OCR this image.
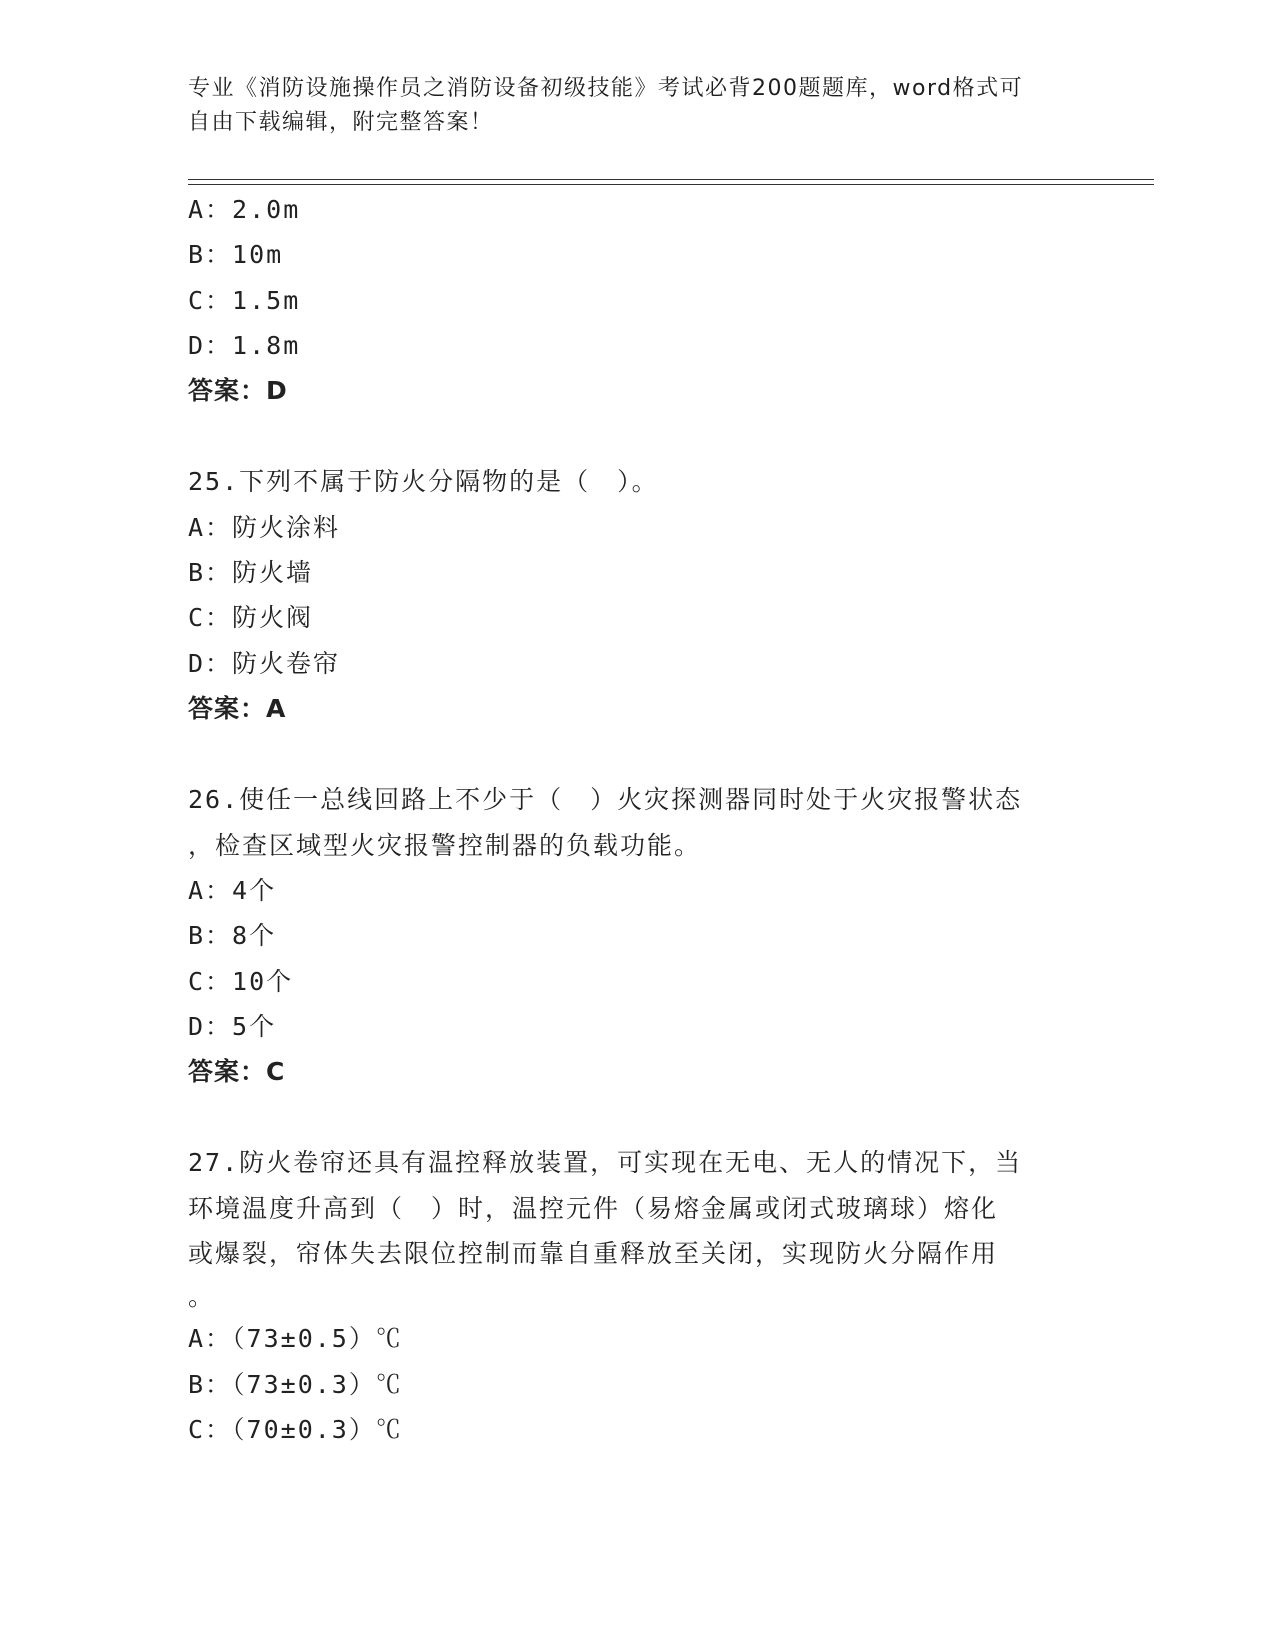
专业《消防设施操作员之消防设备初级技能》考试必背200题题库，word格式可
自由下载编辑，附完整答案！
A：2.0m
B：10m
C：1.5m
D：1.8m
答案：D
25.下列不属于防火分隔物的是（　）。
A：防火涂料
B：防火墙
C：防火阀
D：防火卷帘
答案：A
26.使任一总线回路上不少于（　）火灾探测器同时处于火灾报警状态
，检查区域型火灾报警控制器的负载功能。
A：4个
B：8个
C：10个
D：5个
答案：C
27.防火卷帘还具有温控释放装置，可实现在无电、无人的情况下，当
环境温度升高到（　）时，温控元件（易熔金属或闭式玻璃球）熔化
或爆裂，帘体失去限位控制而靠自重释放至关闭，实现防火分隔作用
。
A：（73±0.5）℃
B：（73±0.3）℃
C：（70±0.3）℃
